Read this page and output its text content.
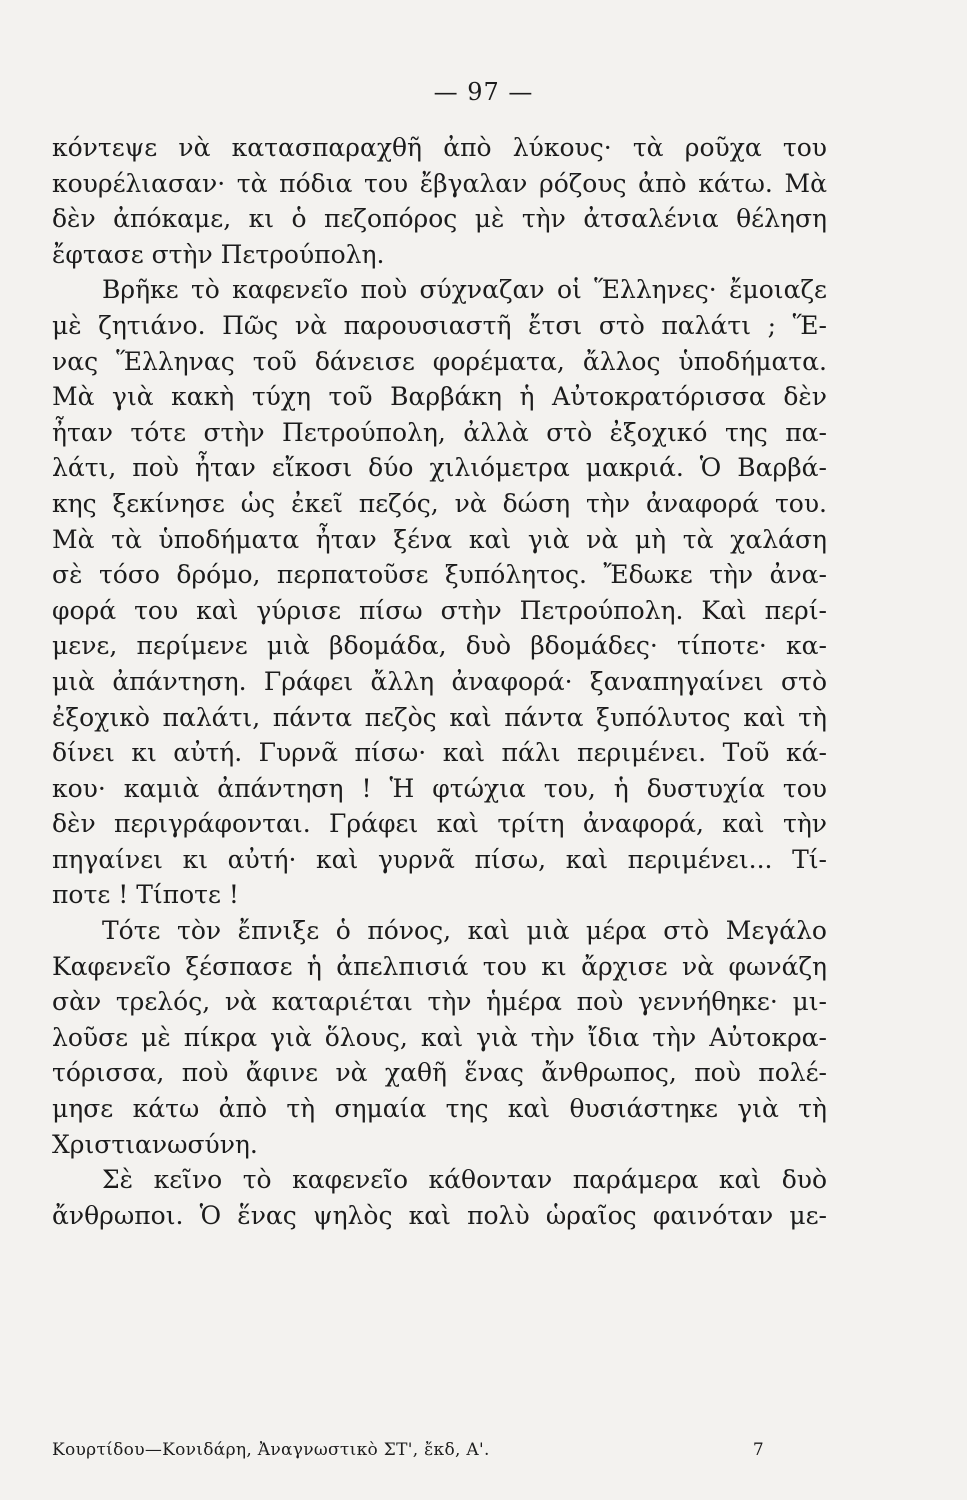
— 97 —
κόντεψε νὰ κατασπαραχθῆ ἀπὸ λύκους· τὰ ροῦχα του
κουρέλιασαν· τὰ πόδια του ἔβγαλαν ρόζους ἀπὸ κάτω. Μὰ
δὲν ἀπόκαμε, κι ὁ πεζοπόρος μὲ τὴν ἀτσαλένια θέληση
ἔφτασε στὴν Πετρούπολη.
Βρῆκε τὸ καφενεῖο ποὺ σύχναζαν οἱ Ἕλληνες· ἔμοιαζε
μὲ ζητιάνο. Πῶς νὰ παρουσιαστῆ ἔτσι στὸ παλάτι ; Ἕ-
νας Ἕλληνας τοῦ δάνεισε φορέματα, ἄλλος ὑποδήματα.
Μὰ γιὰ κακὴ τύχη τοῦ Βαρβάκη ἡ Αὐτοκρατόρισσα δὲν
ἦταν τότε στὴν Πετρούπολη, ἀλλὰ στὸ ἐξοχικό της πα-
λάτι, ποὺ ἦταν εἴκοσι δύο χιλιόμετρα μακριά. Ὁ Βαρβά-
κης ξεκίνησε ὡς ἐκεῖ πεζός, νὰ δώση τὴν ἀναφορά του.
Μὰ τὰ ὑποδήματα ἦταν ξένα καὶ γιὰ νὰ μὴ τὰ χαλάση
σὲ τόσο δρόμο, περπατοῦσε ξυπόλητος. Ἔδωκε τὴν ἀνα-
φορά του καὶ γύρισε πίσω στὴν Πετρούπολη. Καὶ περί-
μενε, περίμενε μιὰ βδομάδα, δυὸ βδομάδες· τίποτε· κα-
μιὰ ἀπάντηση. Γράφει ἄλλη ἀναφορά· ξαναπηγαίνει στὸ
ἐξοχικὸ παλάτι, πάντα πεζὸς καὶ πάντα ξυπόλυτος καὶ τὴ
δίνει κι αὐτή. Γυρνᾶ πίσω· καὶ πάλι περιμένει. Τοῦ κά-
κου· καμιὰ ἀπάντηση ! Ἡ φτώχια του, ἡ δυστυχία του
δὲν περιγράφονται. Γράφει καὶ τρίτη ἀναφορά, καὶ τὴν
πηγαίνει κι αὐτή· καὶ γυρνᾶ πίσω, καὶ περιμένει... Τί-
ποτε ! Τίποτε !
Τότε τὸν ἔπνιξε ὁ πόνος, καὶ μιὰ μέρα στὸ Μεγάλο
Καφενεῖο ξέσπασε ἡ ἀπελπισιά του κι ἄρχισε νὰ φωνάζη
σὰν τρελός, νὰ καταριέται τὴν ἡμέρα ποὺ γεννήθηκε· μι-
λοῦσε μὲ πίκρα γιὰ ὅλους, καὶ γιὰ τὴν ἴδια τὴν Αὐτοκρα-
τόρισσα, ποὺ ἄφινε νὰ χαθῆ ἕνας ἄνθρωπος, ποὺ πολέ-
μησε κάτω ἀπὸ τὴ σημαία της καὶ θυσιάστηκε γιὰ τὴ
Χριστιανωσύνη.
Σὲ κεῖνο τὸ καφενεῖο κάθονταν παράμερα καὶ δυὸ
ἄνθρωποι. Ὁ ἕνας ψηλὸς καὶ πολὺ ὡραῖος φαινόταν με-
Κουρτίδου—Κονιδάρη, Ἀναγνωστικὸ ΣΤ', ἔκδ, Α'.	7
